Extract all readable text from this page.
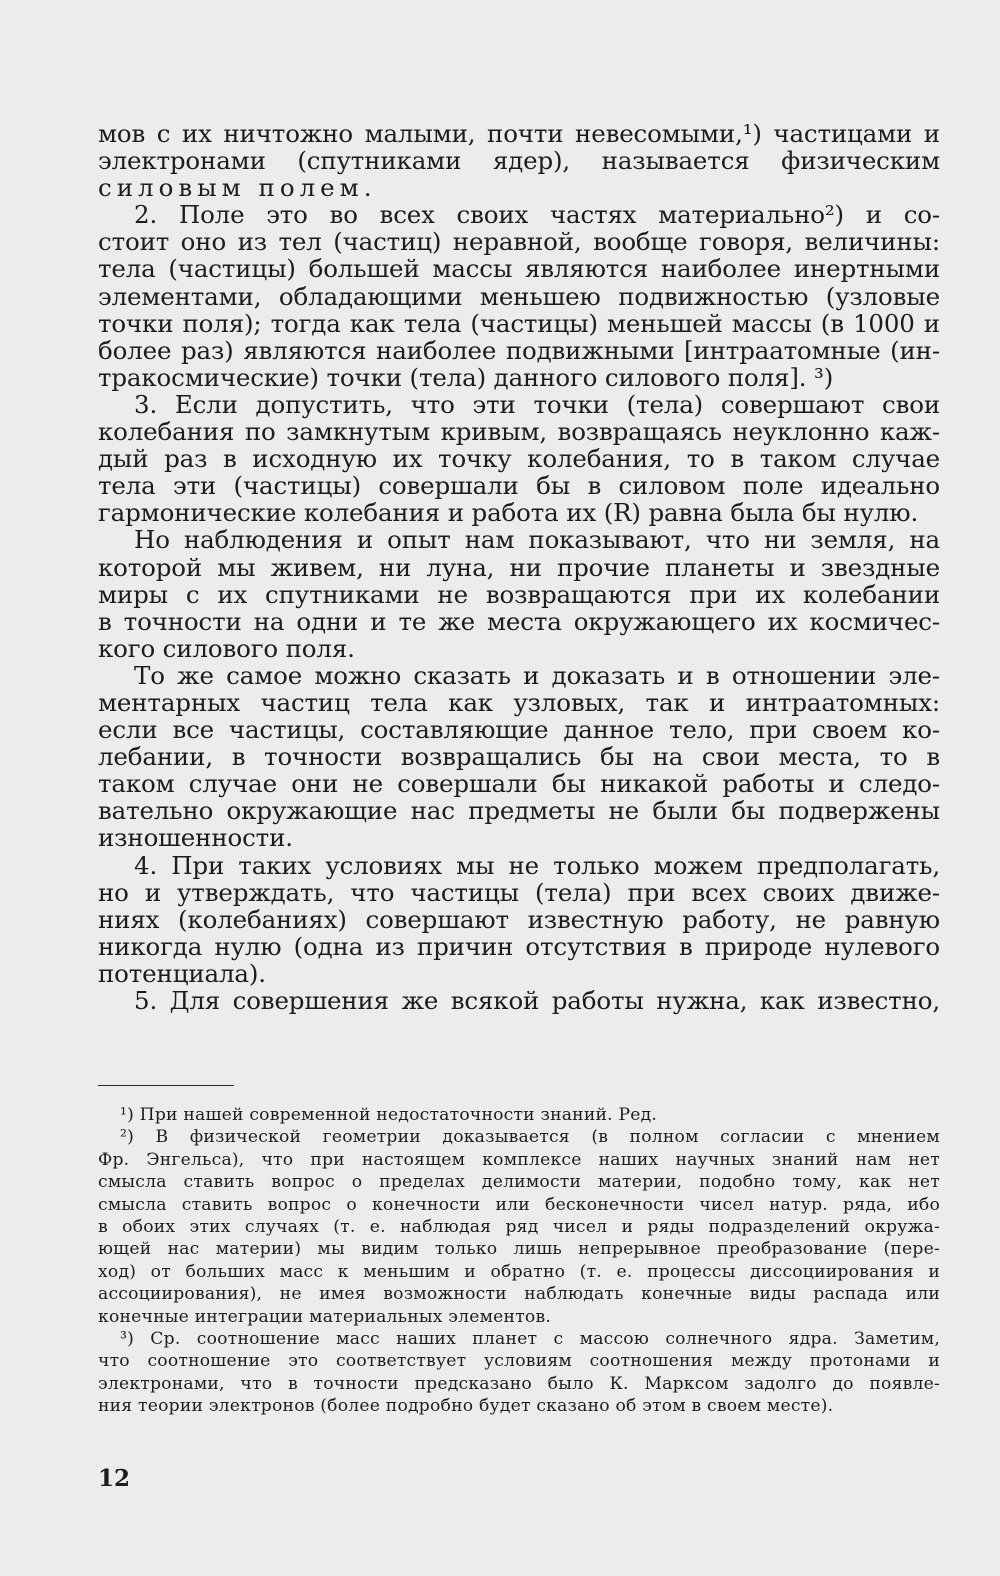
мов с их ничтожно малыми, почти невесомыми,¹) частицами и
электронами (спутниками ядер), называется физическим
силовым полем.
2. Поле это во всех своих частях материально²) и со-
стоит оно из тел (частиц) неравной, вообще говоря, величины:
тела (частицы) большей массы являются наиболее инертными
элементами, обладающими меньшею подвижностью (узловые
точки поля); тогда как тела (частицы) меньшей массы (в 1000 и
более раз) являются наиболее подвижными [интраатомные (ин-
тракосмические) точки (тела) данного силового поля]. ³)
3. Если допустить, что эти точки (тела) совершают свои
колебания по замкнутым кривым, возвращаясь неуклонно каж-
дый раз в исходную их точку колебания, то в таком случае
тела эти (частицы) совершали бы в силовом поле идеально
гармонические колебания и работа их (R) равна была бы нулю.
Но наблюдения и опыт нам показывают, что ни земля, на
которой мы живем, ни луна, ни прочие планеты и звездные
миры с их спутниками не возвращаются при их колебании
в точности на одни и те же места окружающего их космичес-
кого силового поля.
То же самое можно сказать и доказать и в отношении эле-
ментарных частиц тела как узловых, так и интраатомных:
если все частицы, составляющие данное тело, при своем ко-
лебании, в точности возвращались бы на свои места, то в
таком случае они не совершали бы никакой работы и следо-
вательно окружающие нас предметы не были бы подвержены
изношенности.
4. При таких условиях мы не только можем предполагать,
но и утверждать, что частицы (тела) при всех своих движе-
ниях (колебаниях) совершают известную работу, не равную
никогда нулю (одна из причин отсутствия в природе нулевого
потенциала).
5. Для совершения же всякой работы нужна, как известно,
¹) При нашей современной недостаточности знаний. Ред.
²) В физической геометрии доказывается (в полном согласии с мнением
Фр. Энгельса), что при настоящем комплексе наших научных знаний нам нет
смысла ставить вопрос о пределах делимости материи, подобно тому, как нет
смысла ставить вопрос о конечности или бесконечности чисел натур. ряда, ибо
в обоих этих случаях (т. е. наблюдая ряд чисел и ряды подразделений окружа-
ющей нас материи) мы видим только лишь непрерывное преобразование (пере-
ход) от больших масс к меньшим и обратно (т. е. процессы диссоциирования и
ассоциирования), не имея возможности наблюдать конечные виды распада или
конечные интеграции материальных элементов.
³) Ср. соотношение масс наших планет с массою солнечного ядра. Заметим,
что соотношение это соответствует условиям соотношения между протонами и
электронами, что в точности предсказано было К. Марксом задолго до появле-
ния теории электронов (более подробно будет сказано об этом в своем месте).
12
